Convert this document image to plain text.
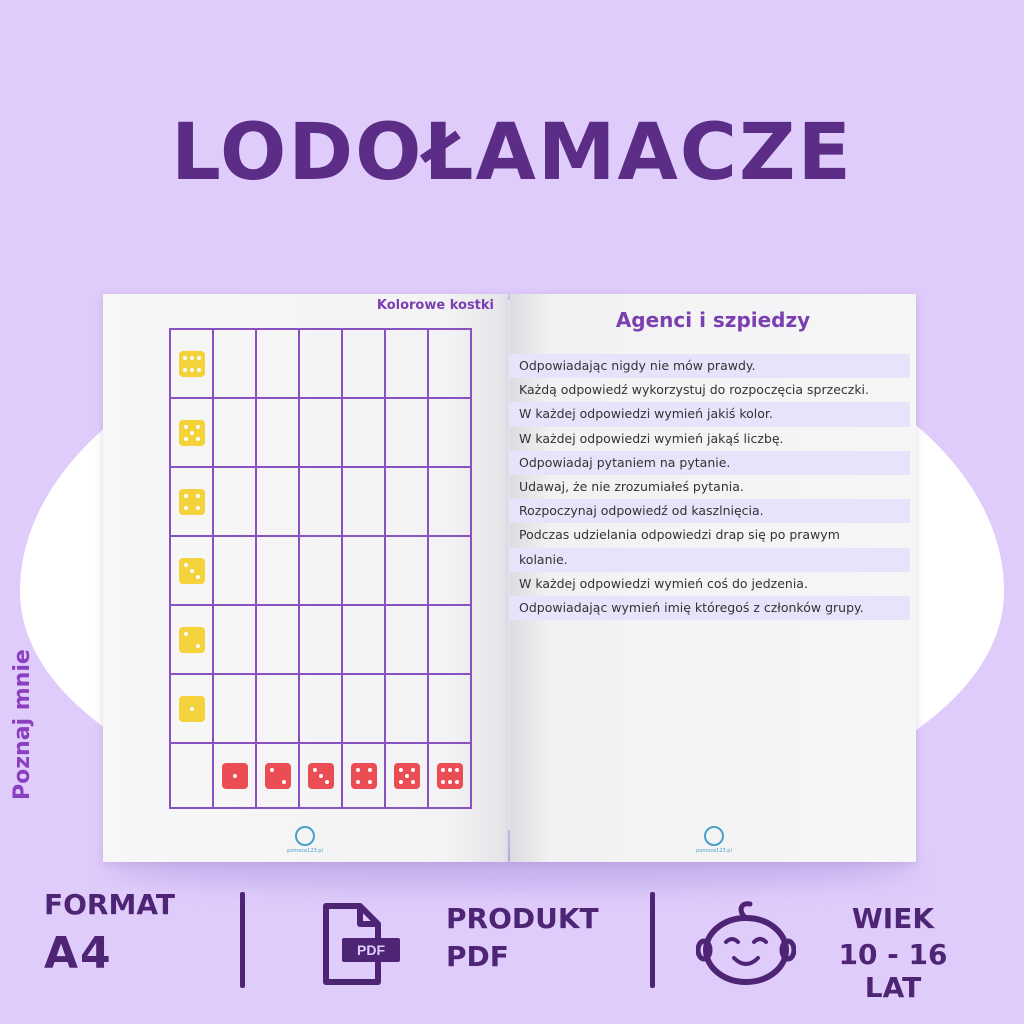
LODOŁAMACZE
Kolorowe kostki
pomoce123.pl
Poznaj mnie
Agenci i szpiedzy
Odpowiadając nigdy nie mów prawdy.
Każdą odpowiedź wykorzystuj do rozpoczęcia sprzeczki.
W każdej odpowiedzi wymień jakiś kolor.
W każdej odpowiedzi wymień jakąś liczbę.
Odpowiadaj pytaniem na pytanie.
Udawaj, że nie zrozumiałeś pytania.
Rozpoczynaj odpowiedź od kaszlnięcia.
Podczas udzielania odpowiedzi drap się po prawym
kolanie.
W każdej odpowiedzi wymień coś do jedzenia.
Odpowiadając wymień imię któregoś z członków grupy.
pomoce123.pl
FORMAT
A4	PDF
PRODUKT
PDF
WIEK
10 - 16 LAT
